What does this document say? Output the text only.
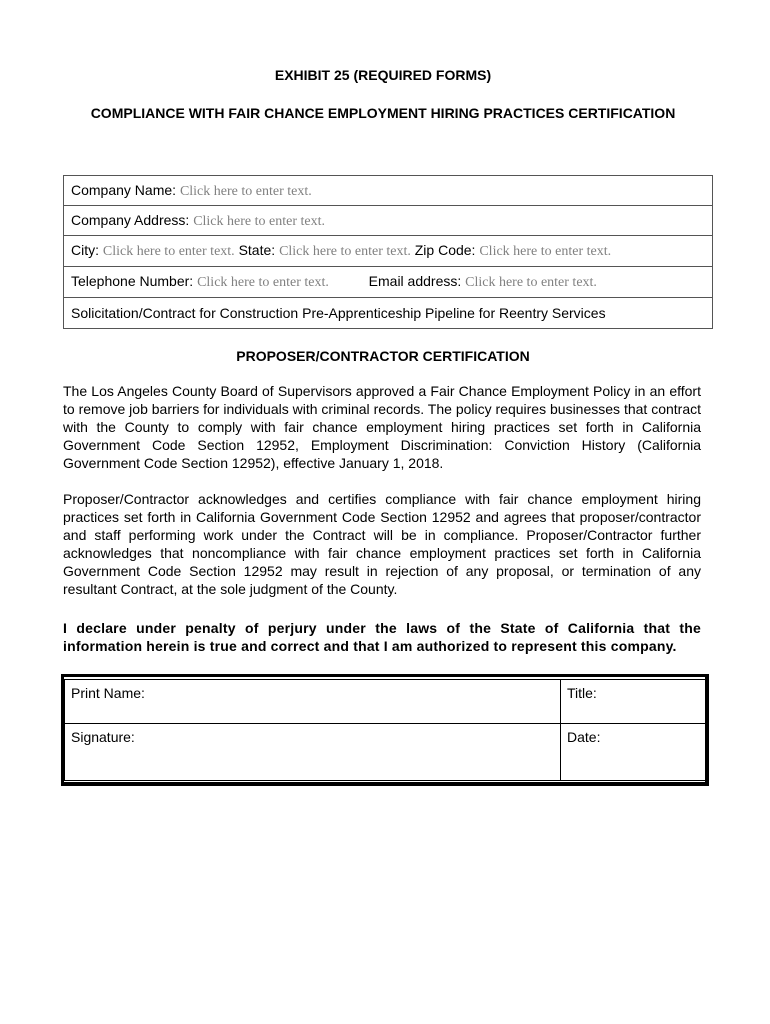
EXHIBIT 25 (REQUIRED FORMS)
COMPLIANCE WITH FAIR CHANCE EMPLOYMENT HIRING PRACTICES CERTIFICATION
Company Name: Click here to enter text.
Company Address: Click here to enter text.
City: Click here to enter text. State: Click here to enter text. Zip Code: Click here to enter text.
Telephone Number: Click here to enter text.	Email address: Click here to enter text.
Solicitation/Contract for Construction Pre-Apprenticeship Pipeline for Reentry Services
PROPOSER/CONTRACTOR CERTIFICATION
The Los Angeles County Board of Supervisors approved a Fair Chance Employment Policy in an effort to remove job barriers for individuals with criminal records. The policy requires businesses that contract with the County to comply with fair chance employment hiring practices set forth in California Government Code Section 12952, Employment Discrimination: Conviction History (California Government Code Section 12952), effective January 1, 2018.
Proposer/Contractor acknowledges and certifies compliance with fair chance employment hiring practices set forth in California Government Code Section 12952 and agrees that proposer/contractor and staff performing work under the Contract will be in compliance. Proposer/Contractor further acknowledges that noncompliance with fair chance employment practices set forth in California Government Code Section 12952 may result in rejection of any proposal, or termination of any resultant Contract, at the sole judgment of the County.
I declare under penalty of perjury under the laws of the State of California that the information herein is true and correct and that I am authorized to represent this company.
Print Name:	Title:
Signature:	Date:
